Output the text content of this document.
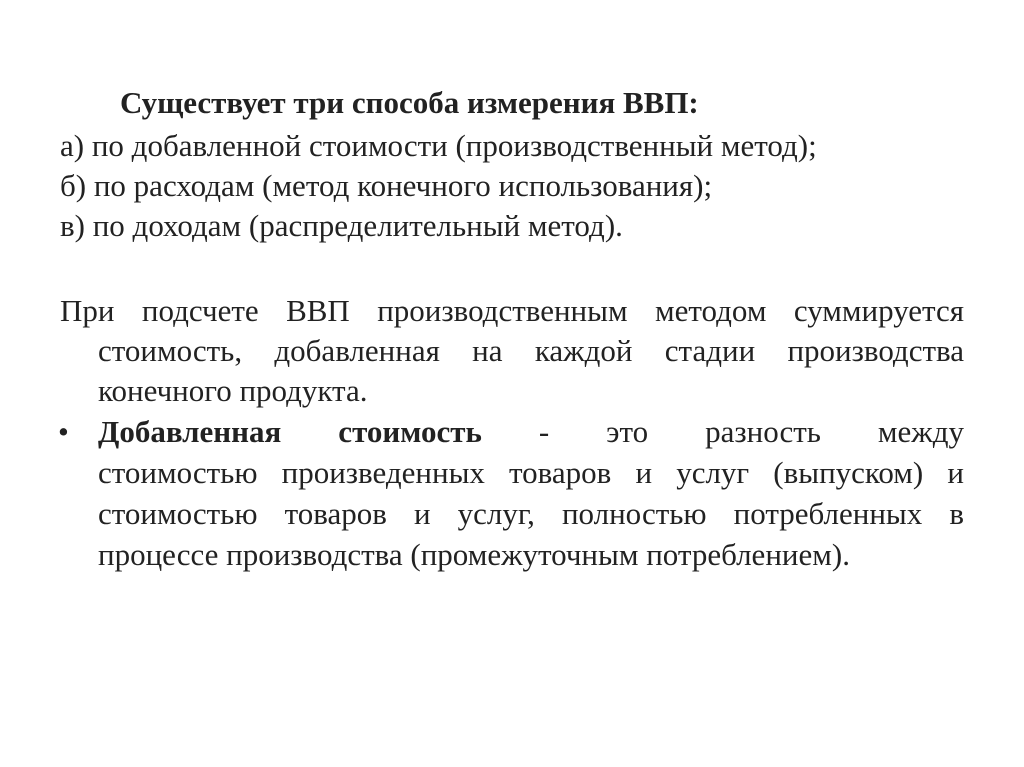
Существует три способа измерения ВВП:

а) по добавленной стоимости (производственный метод);

б) по расходам (метод конечного использования);

в) по доходам (распределительный метод).

При подсчете ВВП производственным методом суммируется

стоимость, добавленная на каждой стадии производства

конечного продукта.

• Добавленная стоимость - это разность между

стоимостью произведенных товаров и услуг (выпуском) и

стоимостью товаров и услуг, полностью потребленных в

процессе производства (промежуточным потреблением).
